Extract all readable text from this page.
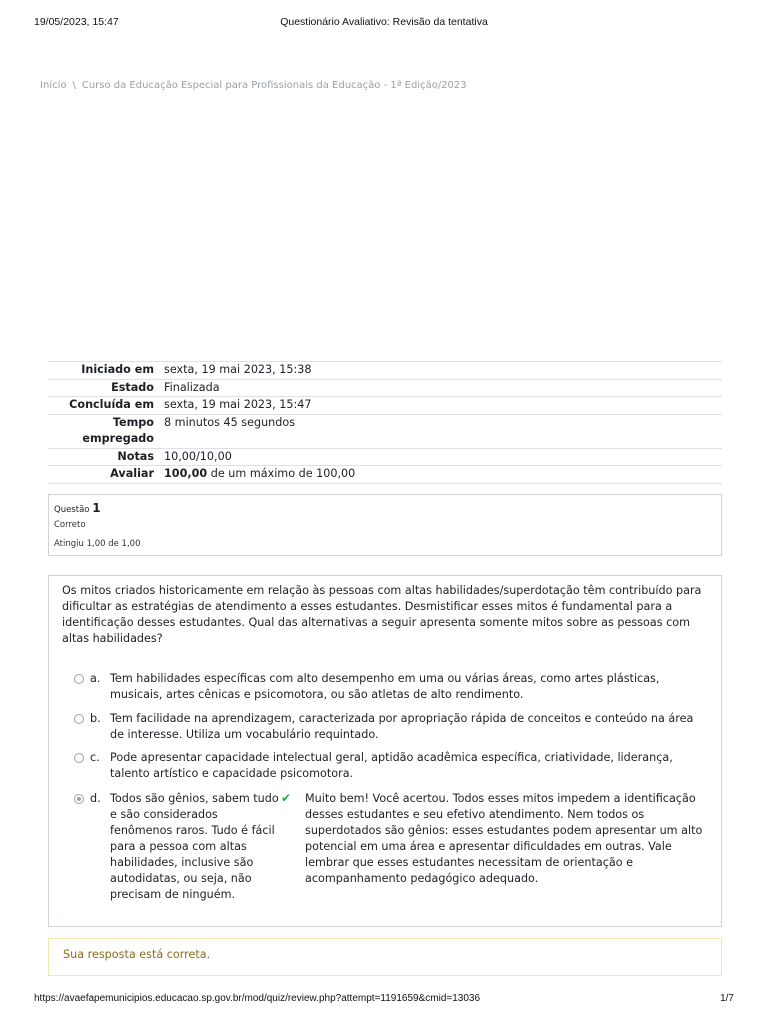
19/05/2023, 15:47	Questionário Avaliativo: Revisão da tentativa
Início \ Curso da Educação Especial para Profissionais da Educação - 1ª Edição/2023
Iniciado em	sexta, 19 mai 2023, 15:38
Estado	Finalizada
Concluída em	sexta, 19 mai 2023, 15:47
Tempo empregado	8 minutos 45 segundos
Notas	10,00/10,00
Avaliar	100,00 de um máximo de 100,00
Questão 1
Correto
Atingiu 1,00 de 1,00
Os mitos criados historicamente em relação às pessoas com altas habilidades/superdotação têm contribuído para dificultar as estratégias de atendimento a esses estudantes. Desmistificar esses mitos é fundamental para a identificação desses estudantes. Qual das alternativas a seguir apresenta somente mitos sobre as pessoas com altas habilidades?
a. Tem habilidades específicas com alto desempenho em uma ou várias áreas, como artes plásticas, musicais, artes cênicas e psicomotora, ou são atletas de alto rendimento.
b. Tem facilidade na aprendizagem, caracterizada por apropriação rápida de conceitos e conteúdo na área de interesse. Utiliza um vocabulário requintado.
c. Pode apresentar capacidade intelectual geral, aptidão acadêmica específica, criatividade, liderança, talento artístico e capacidade psicomotora.
d. Todos são gênios, sabem tudo e são considerados fenômenos raros. Tudo é fácil para a pessoa com altas habilidades, inclusive são autodidatas, ou seja, não precisam de ninguém.
✔ Muito bem! Você acertou. Todos esses mitos impedem a identificação desses estudantes e seu efetivo atendimento. Nem todos os superdotados são gênios: esses estudantes podem apresentar um alto potencial em uma área e apresentar dificuldades em outras. Vale lembrar que esses estudantes necessitam de orientação e acompanhamento pedagógico adequado.
Sua resposta está correta.
https://avaefapemunicipios.educacao.sp.gov.br/mod/quiz/review.php?attempt=1191659&cmid=13036	1/7
